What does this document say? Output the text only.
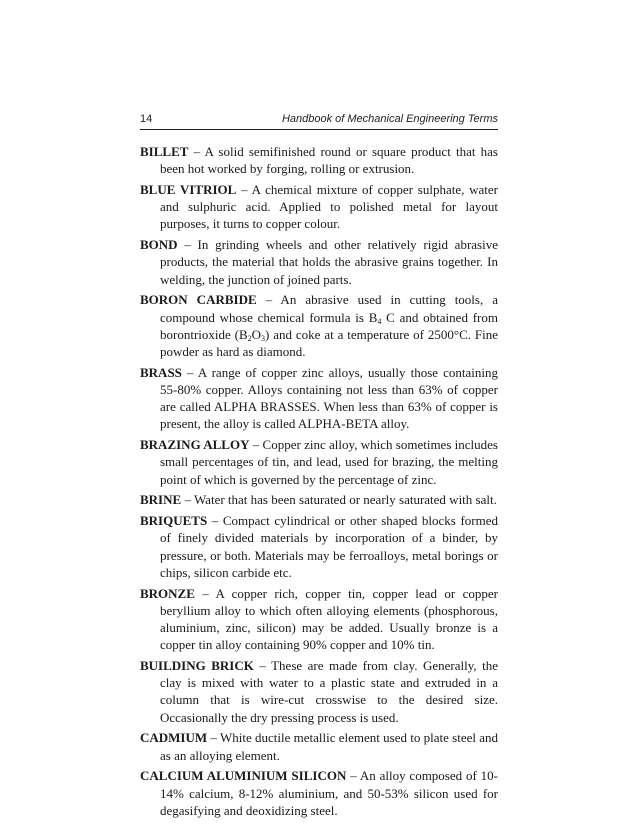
14	Handbook of Mechanical Engineering Terms

BILLET – A solid semifinished round or square product that has been hot worked by forging, rolling or extrusion.

BLUE VITRIOL – A chemical mixture of copper sulphate, water and sulphuric acid. Applied to polished metal for layout purposes, it turns to copper colour.

BOND – In grinding wheels and other relatively rigid abrasive products, the material that holds the abrasive grains together. In welding, the junction of joined parts.

BORON CARBIDE – An abrasive used in cutting tools, a compound whose chemical formula is $B_4$ C and obtained from borontrioxide $(B_2O_3)$ and coke at a temperature of 2500°C. Fine powder as hard as diamond.

BRASS – A range of copper zinc alloys, usually those containing 55-80% copper. Alloys containing not less than 63% of copper are called ALPHA BRASSES. When less than 63% of copper is present, the alloy is called ALPHA-BETA alloy.

BRAZING ALLOY – Copper zinc alloy, which sometimes includes small percentages of tin, and lead, used for brazing, the melting point of which is governed by the percentage of zinc.

BRINE – Water that has been saturated or nearly saturated with salt.

BRIQUETS – Compact cylindrical or other shaped blocks formed of finely divided materials by incorporation of a binder, by pressure, or both. Materials may be ferroalloys, metal borings or chips, silicon carbide etc.

BRONZE – A copper rich, copper tin, copper lead or copper beryllium alloy to which often alloying elements (phosphorous, aluminium, zinc, silicon) may be added. Usually bronze is a copper tin alloy containing 90% copper and 10% tin.

BUILDING BRICK – These are made from clay. Generally, the clay is mixed with water to a plastic state and extruded in a column that is wire-cut crosswise to the desired size. Occasionally the dry pressing process is used.

CADMIUM – White ductile metallic element used to plate steel and as an alloying element.

CALCIUM ALUMINIUM SILICON – An alloy composed of 10-14% calcium, 8-12% aluminium, and 50-53% silicon used for degasifying and deoxidizing steel.
